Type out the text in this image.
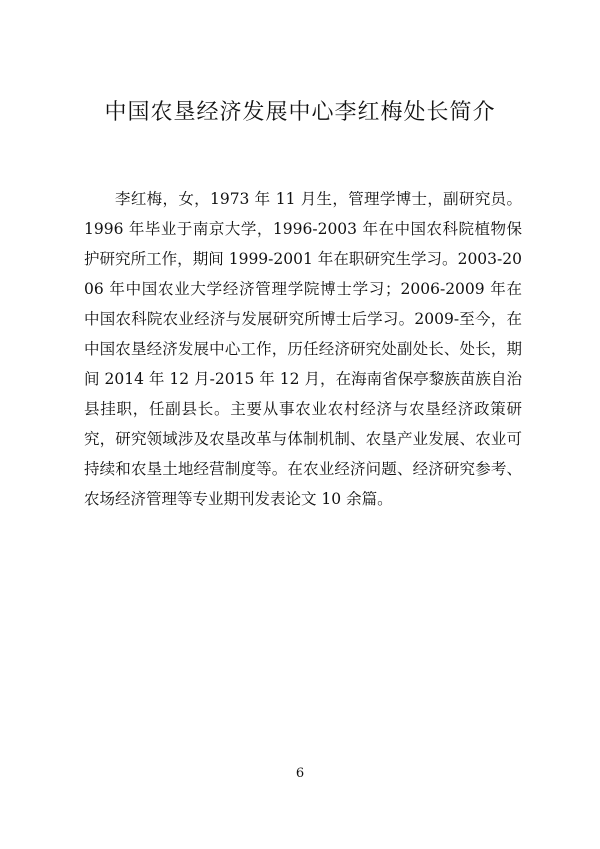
中国农垦经济发展中心李红梅处长简介

李红梅，女，1973 年 11 月生，管理学博士，副研究员。1996 年毕业于南京大学，1996-2003 年在中国农科院植物保护研究所工作，期间 1999-2001 年在职研究生学习。2003-2006 年中国农业大学经济管理学院博士学习；2006-2009 年在中国农科院农业经济与发展研究所博士后学习。2009-至今，在中国农垦经济发展中心工作，历任经济研究处副处长、处长，期间 2014 年 12 月-2015 年 12 月，在海南省保亭黎族苗族自治县挂职，任副县长。主要从事农业农村经济与农垦经济政策研究，研究领域涉及农垦改革与体制机制、农垦产业发展、农业可持续和农垦土地经营制度等。在农业经济问题、经济研究参考、农场经济管理等专业期刊发表论文 10 余篇。

6
